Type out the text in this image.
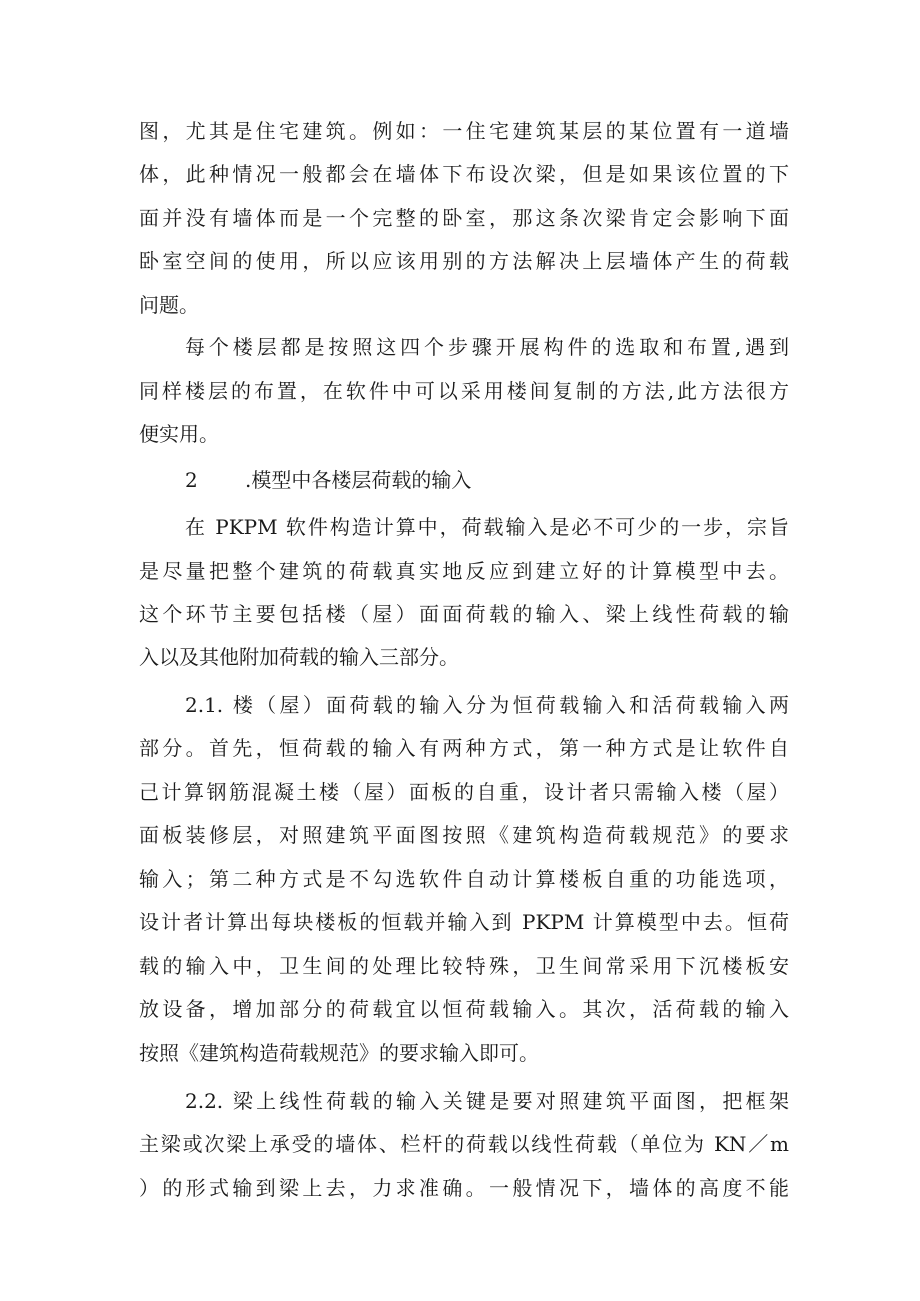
图，尤其是住宅建筑。例如：一住宅建筑某层的某位置有一道墙
体，此种情况一般都会在墙体下布设次梁，但是如果该位置的下
面并没有墙体而是一个完整的卧室，那这条次梁肯定会影响下面
卧室空间的使用，所以应该用别的方法解决上层墙体产生的荷载
问题。
每个楼层都是按照这四个步骤开展构件的选取和布置,遇到
同样楼层的布置，在软件中可以采用楼间复制的方法,此方法很方
便实用。
2 .模型中各楼层荷载的输入
在 PKPM 软件构造计算中，荷载输入是必不可少的一步，宗旨
是尽量把整个建筑的荷载真实地反应到建立好的计算模型中去。
这个环节主要包括楼（屋）面面荷载的输入、梁上线性荷载的输
入以及其他附加荷载的输入三部分。
2.1. 楼（屋）面荷载的输入分为恒荷载输入和活荷载输入两
部分。首先，恒荷载的输入有两种方式，第一种方式是让软件自
己计算钢筋混凝土楼（屋）面板的自重，设计者只需输入楼（屋）
面板装修层，对照建筑平面图按照《建筑构造荷载规范》的要求
输入；第二种方式是不勾选软件自动计算楼板自重的功能选项，
设计者计算出每块楼板的恒载并输入到 PKPM 计算模型中去。恒荷
载的输入中，卫生间的处理比较特殊，卫生间常采用下沉楼板安
放设备，增加部分的荷载宜以恒荷载输入。其次，活荷载的输入
按照《建筑构造荷载规范》的要求输入即可。
2.2. 梁上线性荷载的输入关键是要对照建筑平面图，把框架
主梁或次梁上承受的墙体、栏杆的荷载以线性荷载（单位为 KN／m
）的形式输到梁上去，力求准确。一般情况下，墙体的高度不能
